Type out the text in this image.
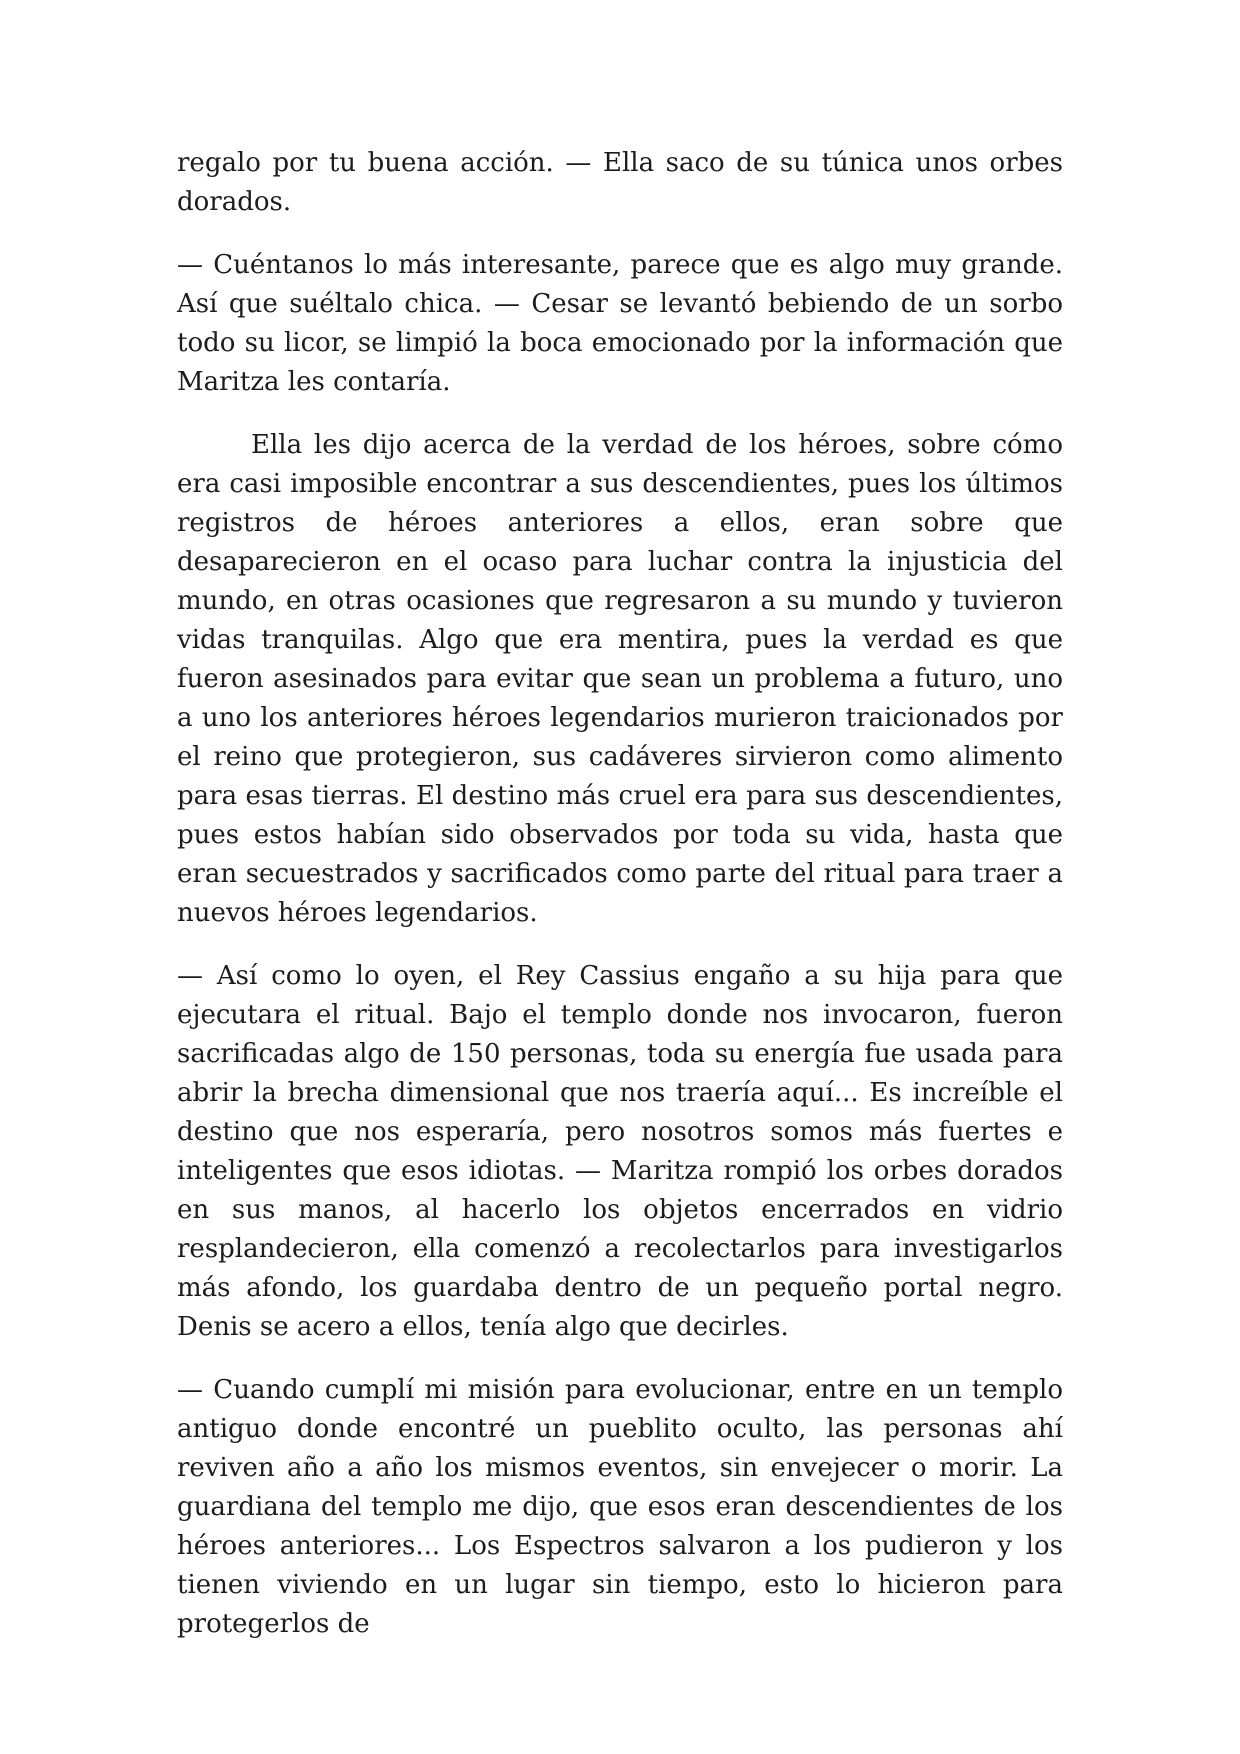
regalo por tu buena acción. — Ella saco de su túnica unos orbes dorados.

— Cuéntanos lo más interesante, parece que es algo muy grande. Así que suéltalo chica. — Cesar se levantó bebiendo de un sorbo todo su licor, se limpió la boca emocionado por la información que Maritza les contaría.

Ella les dijo acerca de la verdad de los héroes, sobre cómo era casi imposible encontrar a sus descendientes, pues los últimos registros de héroes anteriores a ellos, eran sobre que desaparecieron en el ocaso para luchar contra la injusticia del mundo, en otras ocasiones que regresaron a su mundo y tuvieron vidas tranquilas. Algo que era mentira, pues la verdad es que fueron asesinados para evitar que sean un problema a futuro, uno a uno los anteriores héroes legendarios murieron traicionados por el reino que protegieron, sus cadáveres sirvieron como alimento para esas tierras. El destino más cruel era para sus descendientes, pues estos habían sido observados por toda su vida, hasta que eran secuestrados y sacrificados como parte del ritual para traer a nuevos héroes legendarios.

— Así como lo oyen, el Rey Cassius engaño a su hija para que ejecutara el ritual. Bajo el templo donde nos invocaron, fueron sacrificadas algo de 150 personas, toda su energía fue usada para abrir la brecha dimensional que nos traería aquí... Es increíble el destino que nos esperaría, pero nosotros somos más fuertes e inteligentes que esos idiotas. — Maritza rompió los orbes dorados en sus manos, al hacerlo los objetos encerrados en vidrio resplandecieron, ella comenzó a recolectarlos para investigarlos más afondo, los guardaba dentro de un pequeño portal negro. Denis se acero a ellos, tenía algo que decirles.

— Cuando cumplí mi misión para evolucionar, entre en un templo antiguo donde encontré un pueblito oculto, las personas ahí reviven año a año los mismos eventos, sin envejecer o morir. La guardiana del templo me dijo, que esos eran descendientes de los héroes anteriores... Los Espectros salvaron a los pudieron y los tienen viviendo en un lugar sin tiempo, esto lo hicieron para protegerlos de
